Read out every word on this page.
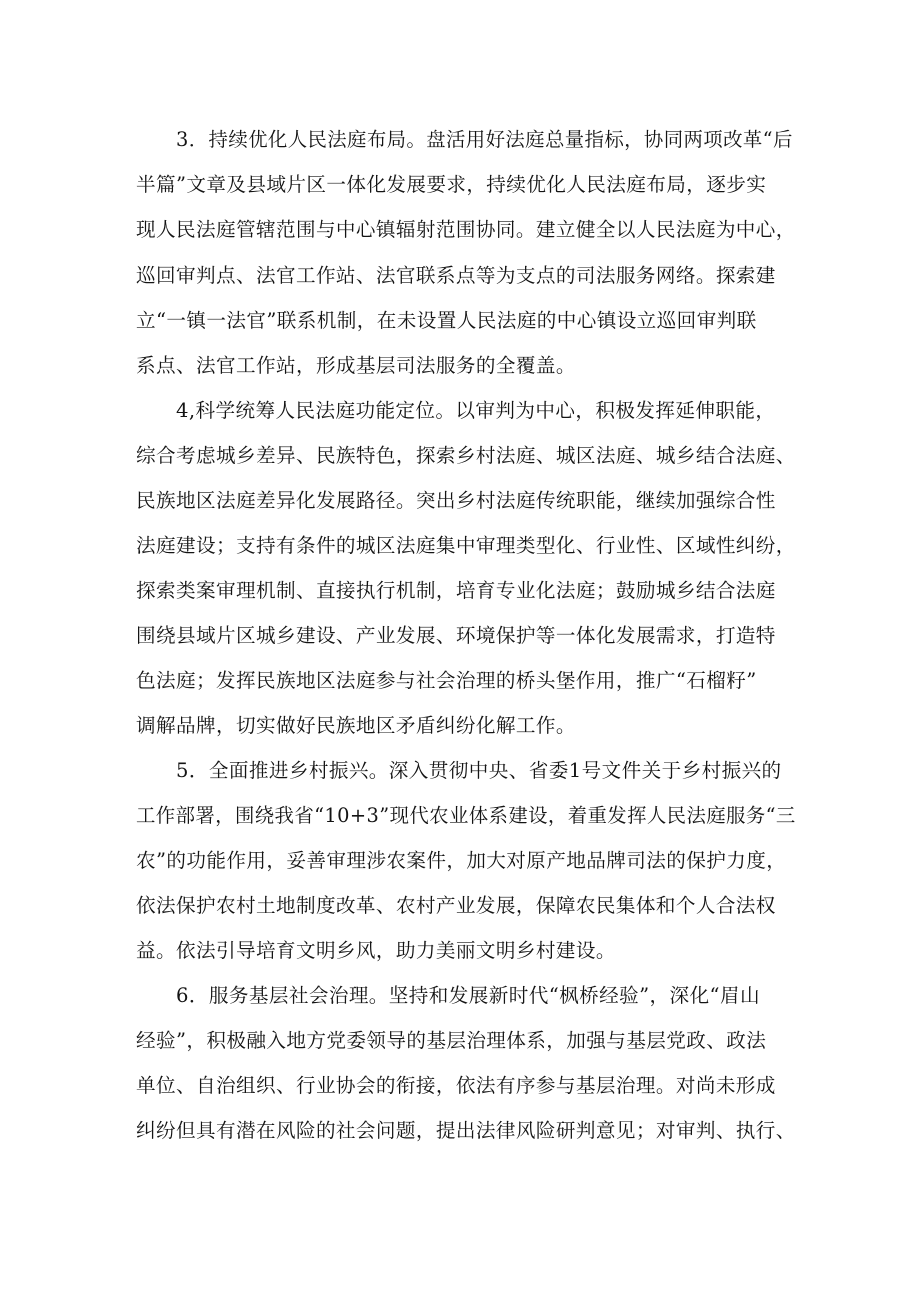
3．持续优化人民法庭布局。盘活用好法庭总量指标，协同两项改革“后
半篇”文章及县域片区一体化发展要求，持续优化人民法庭布局，逐步实
现人民法庭管辖范围与中心镇辐射范围协同。建立健全以人民法庭为中心，
巡回审判点、法官工作站、法官联系点等为支点的司法服务网络。探索建
立“一镇一法官”联系机制，在未设置人民法庭的中心镇设立巡回审判联
系点、法官工作站，形成基层司法服务的全覆盖。
4,科学统筹人民法庭功能定位。以审判为中心，积极发挥延伸职能，
综合考虑城乡差异、民族特色，探索乡村法庭、城区法庭、城乡结合法庭、
民族地区法庭差异化发展路径。突出乡村法庭传统职能，继续加强综合性
法庭建设；支持有条件的城区法庭集中审理类型化、行业性、区域性纠纷，
探索类案审理机制、直接执行机制，培育专业化法庭；鼓励城乡结合法庭
围绕县域片区城乡建设、产业发展、环境保护等一体化发展需求，打造特
色法庭；发挥民族地区法庭参与社会治理的桥头堡作用，推广“石榴籽”
调解品牌，切实做好民族地区矛盾纠纷化解工作。
5．全面推进乡村振兴。深入贯彻中央、省委1号文件关于乡村振兴的
工作部署，围绕我省“10+3”现代农业体系建设，着重发挥人民法庭服务“三
农”的功能作用，妥善审理涉农案件，加大对原产地品牌司法的保护力度，
依法保护农村土地制度改革、农村产业发展，保障农民集体和个人合法权
益。依法引导培育文明乡风，助力美丽文明乡村建设。
6．服务基层社会治理。坚持和发展新时代“枫桥经验”，深化“眉山
经验”，积极融入地方党委领导的基层治理体系，加强与基层党政、政法
单位、自治组织、行业协会的衔接，依法有序参与基层治理。对尚未形成
纠纷但具有潜在风险的社会问题，提出法律风险研判意见；对审判、执行、
